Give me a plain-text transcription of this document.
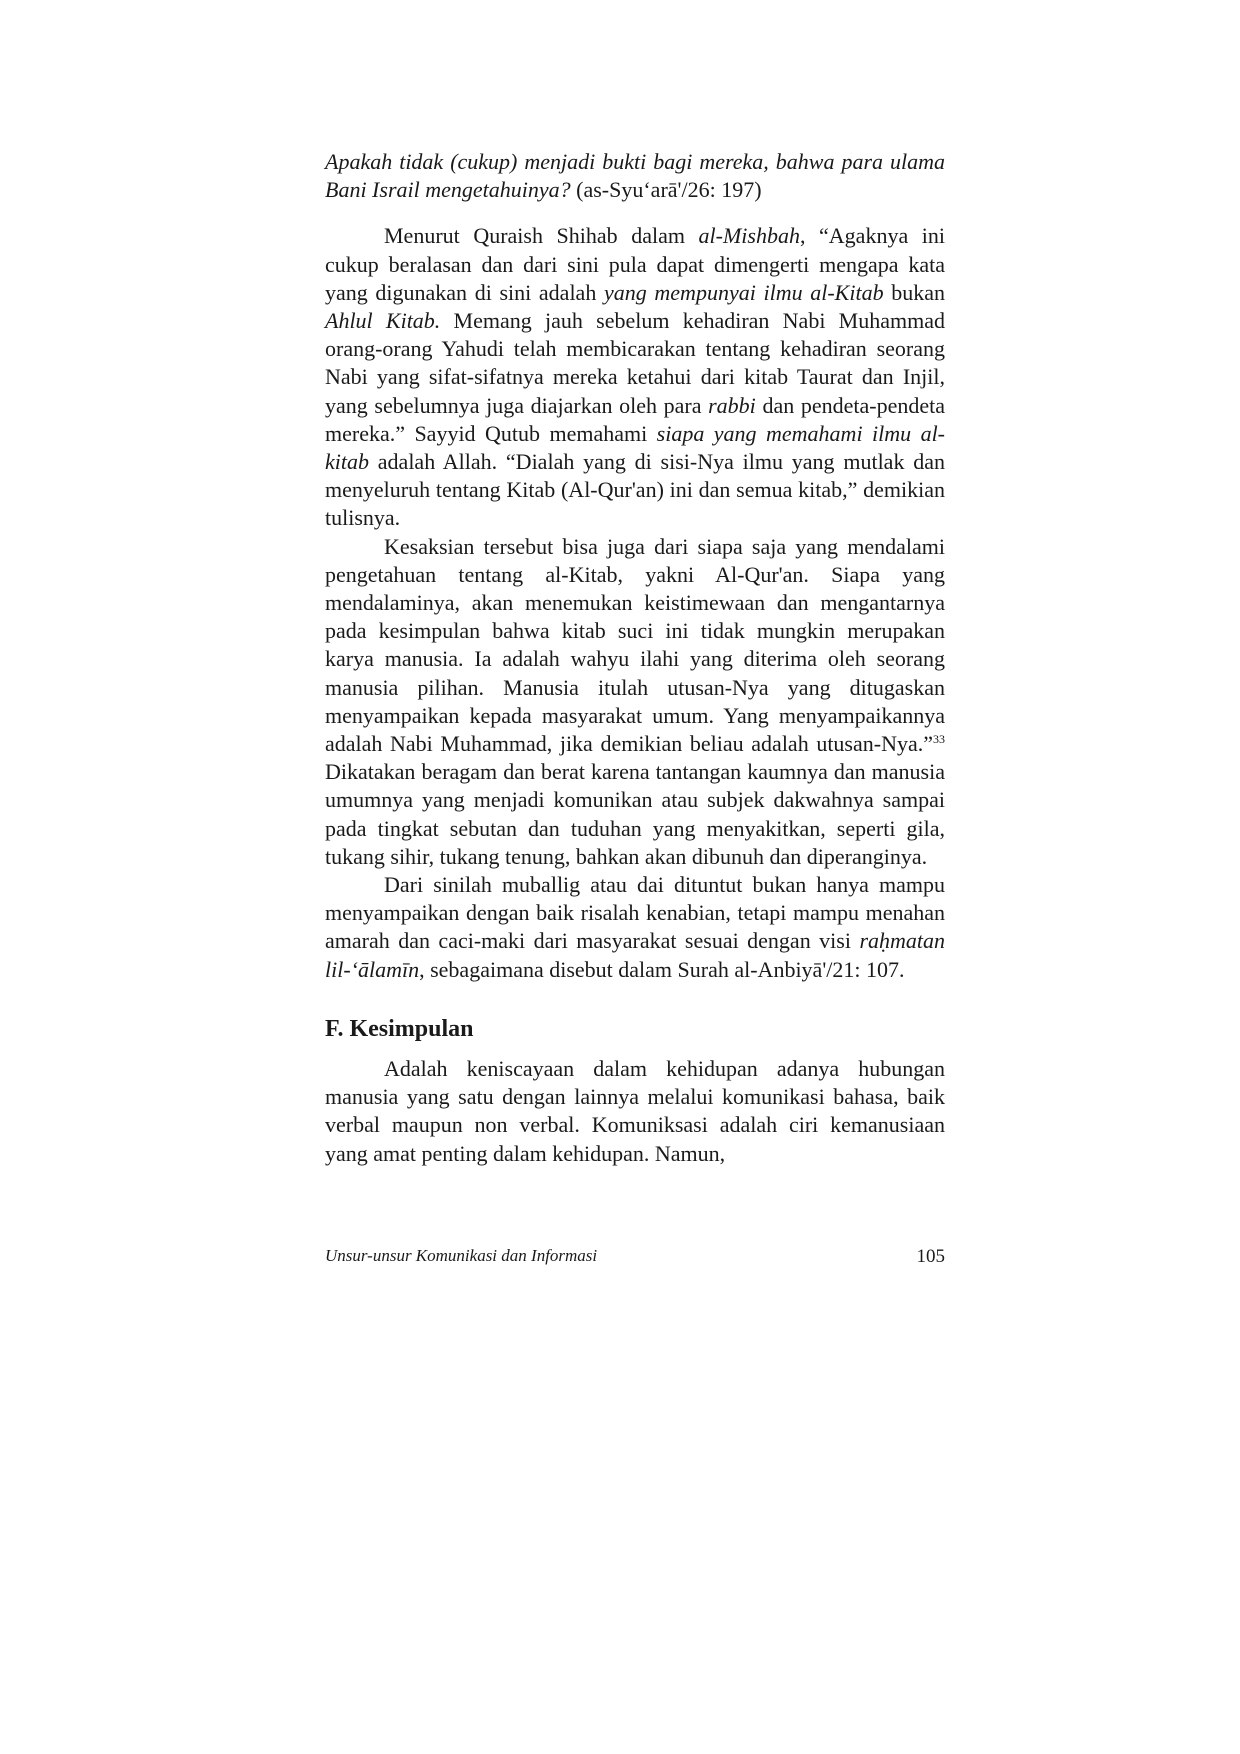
Apakah tidak (cukup) menjadi bukti bagi mereka, bahwa para ulama Bani Israil mengetahuinya? (as-Syu‘arā'/26: 197)

Menurut Quraish Shihab dalam al-Mishbah, “Agaknya ini cukup beralasan dan dari sini pula dapat dimengerti mengapa kata yang digunakan di sini adalah yang mempunyai ilmu al-Kitab bukan Ahlul Kitab. Memang jauh sebelum kehadiran Nabi Muhammad orang-orang Yahudi telah membicarakan tentang kehadiran seorang Nabi yang sifat-sifatnya mereka ketahui dari kitab Taurat dan Injil, yang sebelumnya juga diajarkan oleh para rabbi dan pendeta-pendeta mereka.” Sayyid Qutub memahami siapa yang memahami ilmu al-kitab adalah Allah. “Dialah yang di sisi-Nya ilmu yang mutlak dan menyeluruh tentang Kitab (Al-Qur'an) ini dan semua kitab,” demikian tulisnya.

Kesaksian tersebut bisa juga dari siapa saja yang mendalami pengetahuan tentang al-Kitab, yakni Al-Qur'an. Siapa yang mendalaminya, akan menemukan keistimewaan dan mengantarnya pada kesimpulan bahwa kitab suci ini tidak mungkin merupakan karya manusia. Ia adalah wahyu ilahi yang diterima oleh seorang manusia pilihan. Manusia itulah utusan-Nya yang ditugaskan menyampaikan kepada masyarakat umum. Yang menyampaikannya adalah Nabi Muhammad, jika demikian beliau adalah utusan-Nya.”$^{33}$ Dikatakan beragam dan berat karena tantangan kaumnya dan manusia umumnya yang menjadi komunikan atau subjek dakwahnya sampai pada tingkat sebutan dan tuduhan yang menyakitkan, seperti gila, tukang sihir, tukang tenung, bahkan akan dibunuh dan diperanginya.

Dari sinilah muballig atau dai dituntut bukan hanya mampu menyampaikan dengan baik risalah kenabian, tetapi mampu menahan amarah dan caci-maki dari masyarakat sesuai dengan visi raḥmatan lil-‘ālamīn, sebagaimana disebut dalam Surah al-Anbiyā'/21: 107.

F. Kesimpulan

Adalah keniscayaan dalam kehidupan adanya hubungan manusia yang satu dengan lainnya melalui komunikasi bahasa, baik verbal maupun non verbal. Komuniksasi adalah ciri kemanusiaan yang amat penting dalam kehidupan. Namun,

Unsur-unsur Komunikasi dan Informasi	105
